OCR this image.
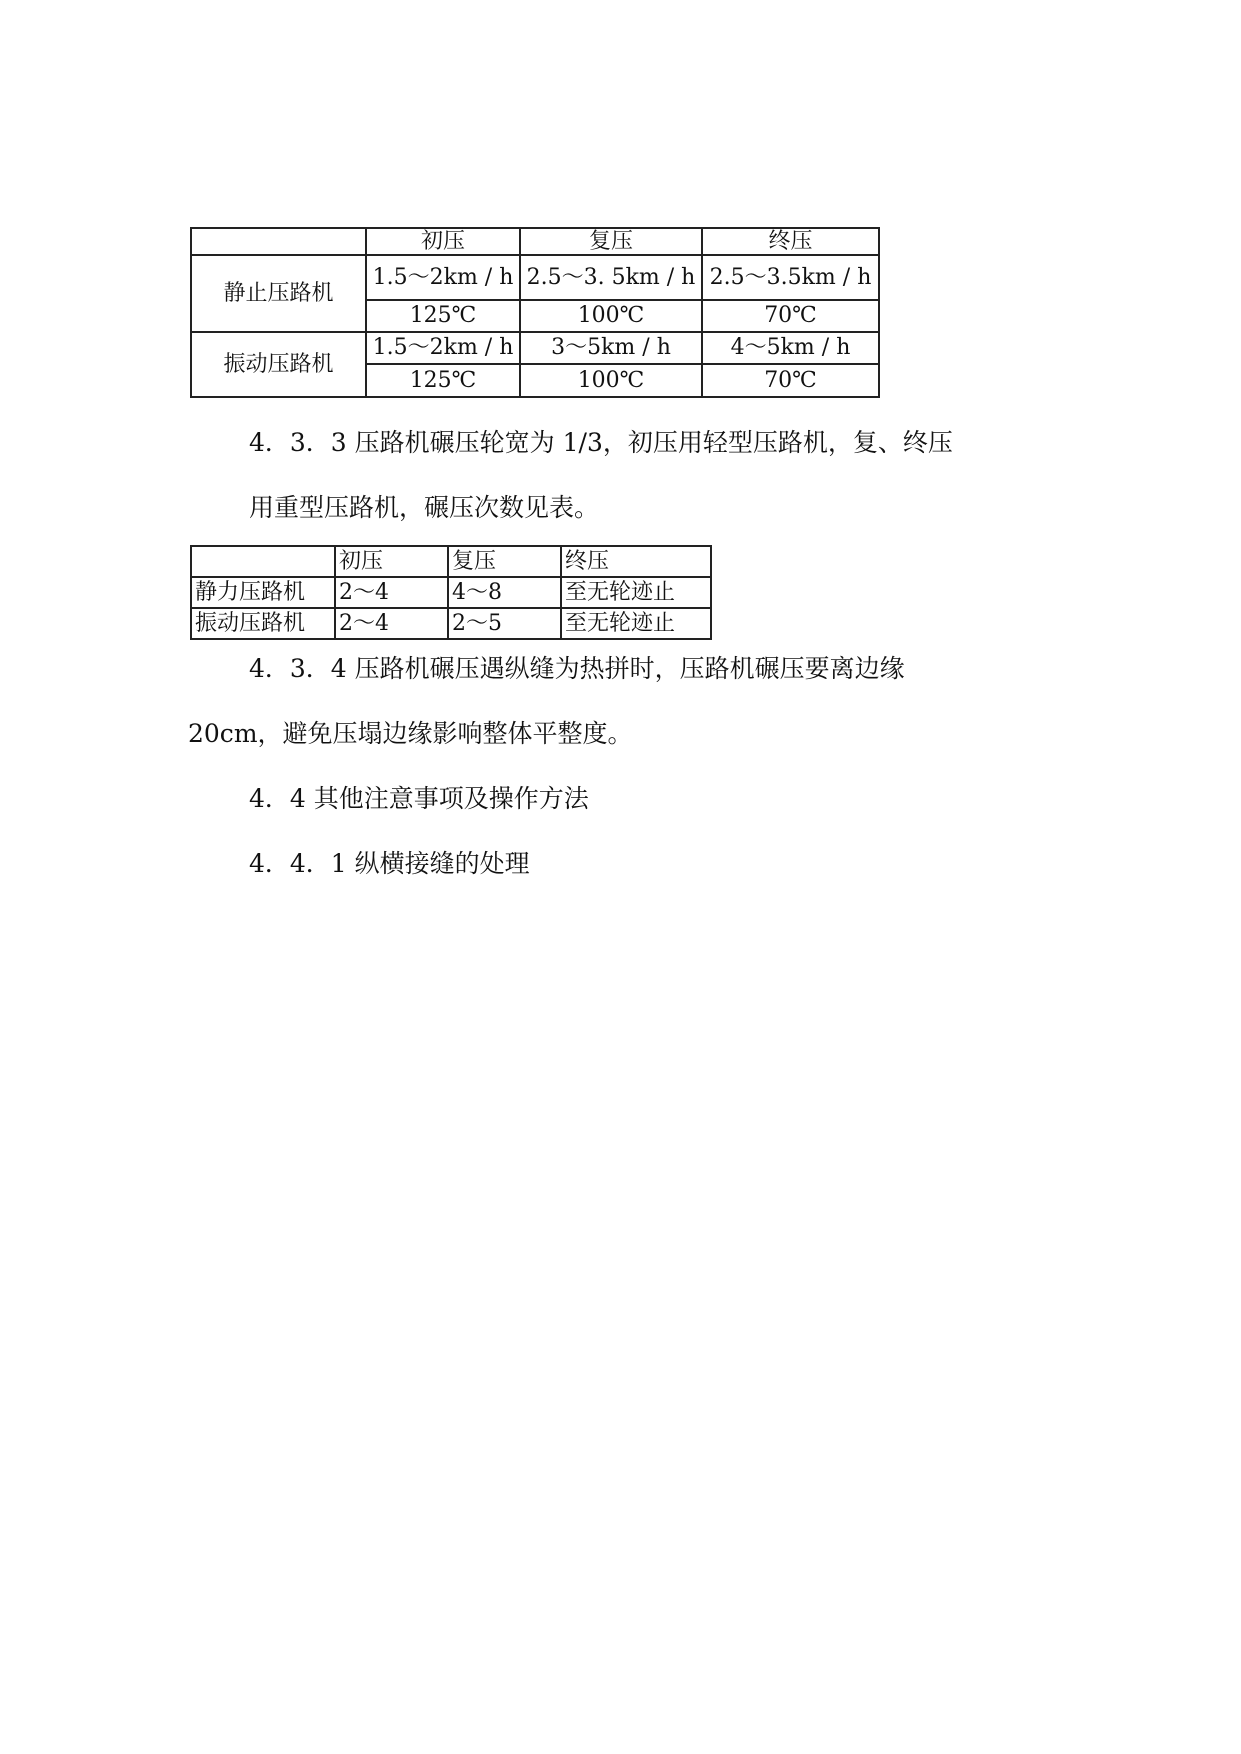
	初压	复压	终压
静止压路机	1.5～2km / h	2.5～3. 5km / h	2.5～3.5km / h
	125℃	100℃	70℃
振动压路机	1.5～2km / h	3～5km / h	4～5km / h
	125℃	100℃	70℃

4．3．3 压路机碾压轮宽为 1/3，初压用轻型压路机，复、终压

用重型压路机，碾压次数见表。

	初压	复压	终压
静力压路机	2～4	4～8	至无轮迹止
振动压路机	2～4	2～5	至无轮迹止

4．3．4 压路机碾压遇纵缝为热拼时，压路机碾压要离边缘

20cm，避免压塌边缘影响整体平整度。

4．4 其他注意事项及操作方法

4．4．1 纵横接缝的处理
